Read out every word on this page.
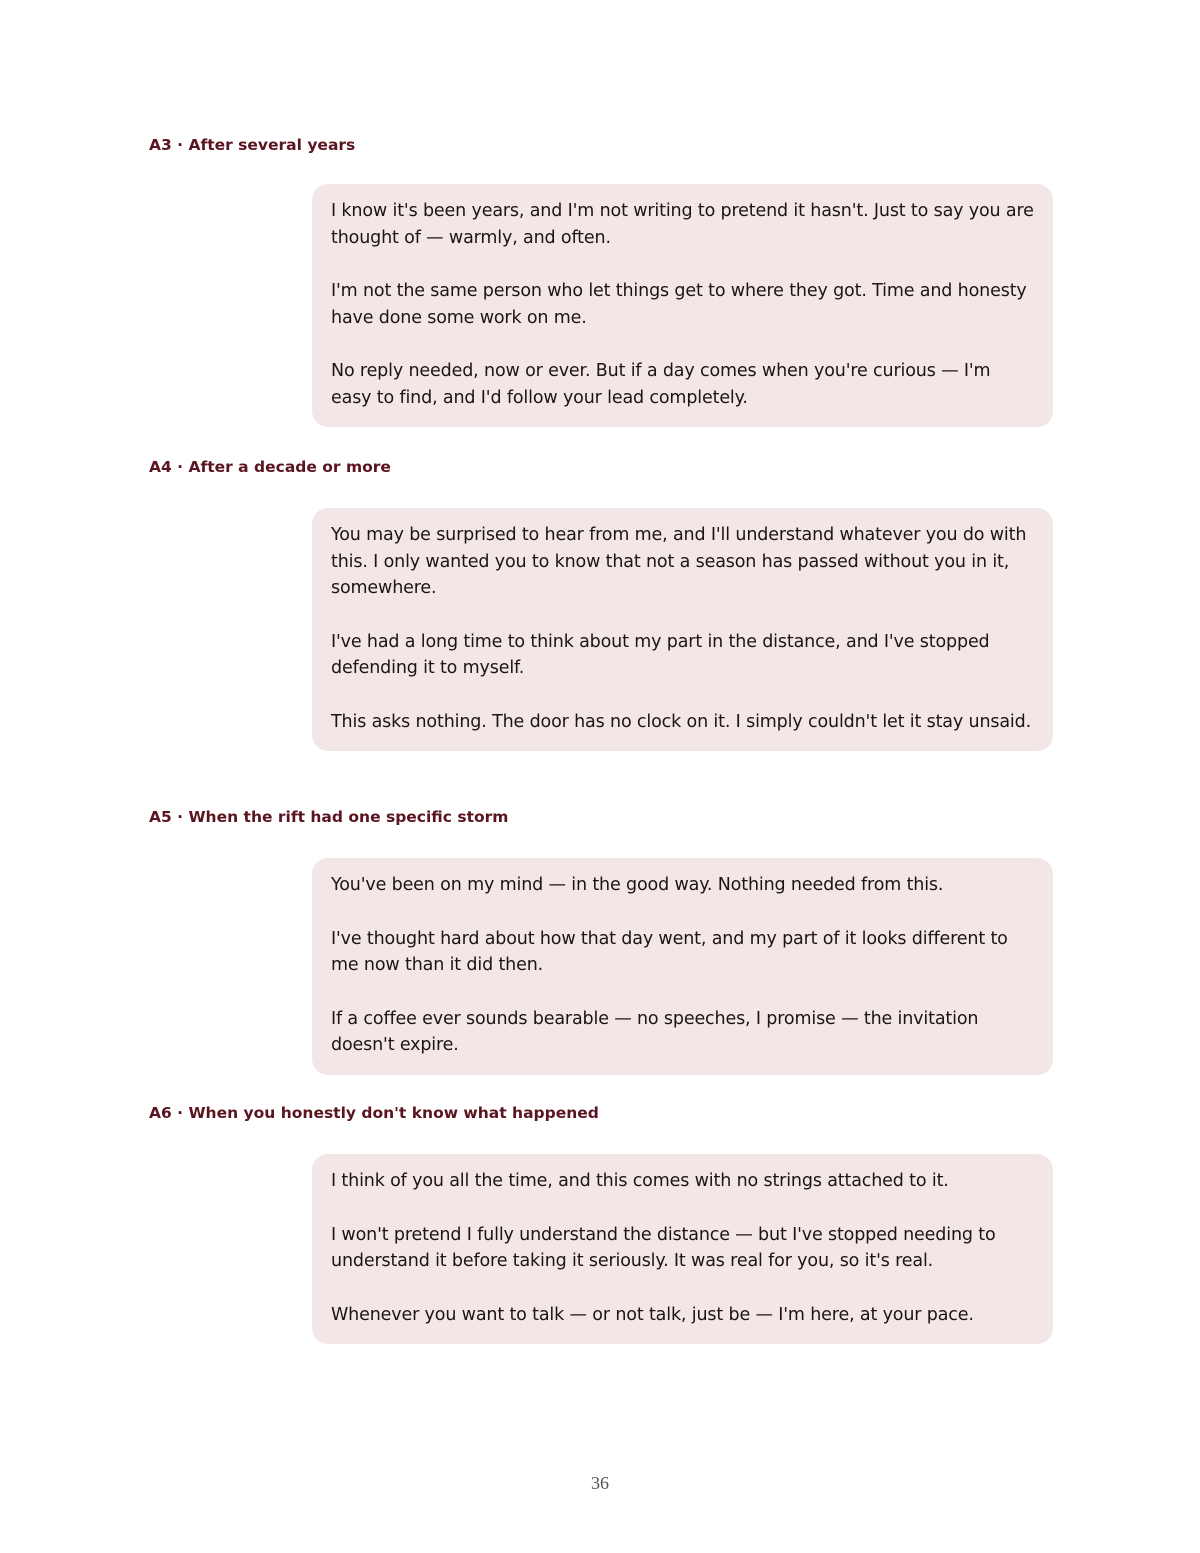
A3 · After several years

I know it's been years, and I'm not writing to pretend it hasn't. Just to say you are thought of — warmly, and often.

I'm not the same person who let things get to where they got. Time and honesty have done some work on me.

No reply needed, now or ever. But if a day comes when you're curious — I'm easy to find, and I'd follow your lead completely.

A4 · After a decade or more

You may be surprised to hear from me, and I'll understand whatever you do with this. I only wanted you to know that not a season has passed without you in it, somewhere.

I've had a long time to think about my part in the distance, and I've stopped defending it to myself.

This asks nothing. The door has no clock on it. I simply couldn't let it stay unsaid.

A5 · When the rift had one specific storm

You've been on my mind — in the good way. Nothing needed from this.

I've thought hard about how that day went, and my part of it looks different to me now than it did then.

If a coffee ever sounds bearable — no speeches, I promise — the invitation doesn't expire.

A6 · When you honestly don't know what happened

I think of you all the time, and this comes with no strings attached to it.

I won't pretend I fully understand the distance — but I've stopped needing to understand it before taking it seriously. It was real for you, so it's real.

Whenever you want to talk — or not talk, just be — I'm here, at your pace.

36
